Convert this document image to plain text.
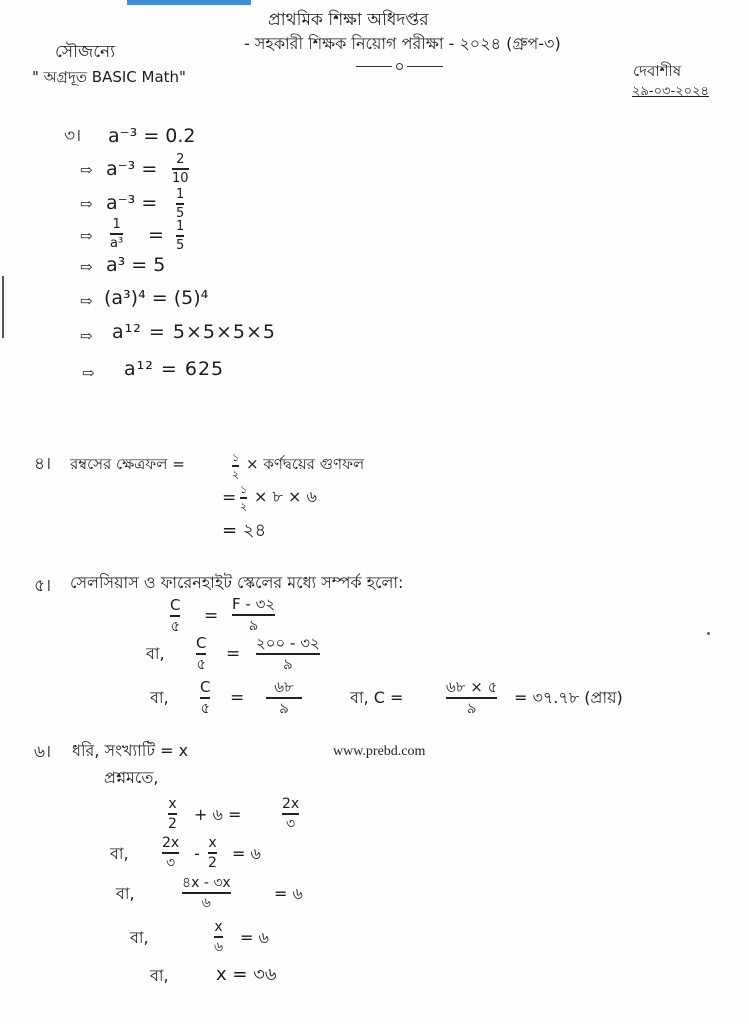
প্রাথমিক শিক্ষা অধিদপ্তর
- সহকারী শিক্ষক নিয়োগ পরীক্ষা - ২০২৪ (গ্রুপ-৩)
সৌজন্যে
" অগ্রদূত BASIC Math"	দেবাশীষ
২৯-০৩-২০২৪
৩। a⁻³ = 0.2
⇨ a⁻³ = 2
10
⇨ a⁻³ = 1
5
⇨
1
a³ = 1
5
⇨ a³ = 5
⇨ (a³)⁴ = (5)⁴
⇨ a¹² = 5×5×5×5
⇨ a¹² = 625
৪। রম্বসের ক্ষেত্রফল =	১
২
× কর্ণদ্বয়ের গুণফল
= ১
২ × ৮ × ৬
= ২৪
৫। সেলসিয়াস ও ফারেনহাইট স্কেলের মধ্যে সম্পর্ক হলো:
C
৫ =
F - ৩২
৯
বা,
C
৫ =
২০০ - ৩২
৯
বা,
C
৫ =
৬৮
৯
বা, C =
৬৮ × ৫
৯
= ৩৭.৭৮ (প্রায়)
৬। ধরি, সংখ্যাটি = x	www.prebd.com
প্রশ্নমতে,
x
2 + ৬ =
2x
৩
বা,
2x
৩ -
x
2 = ৬
বা,
৪x - ৩x
৬	= ৬
বা,
x
৬ = ৬
বা,	x = ৩৬
